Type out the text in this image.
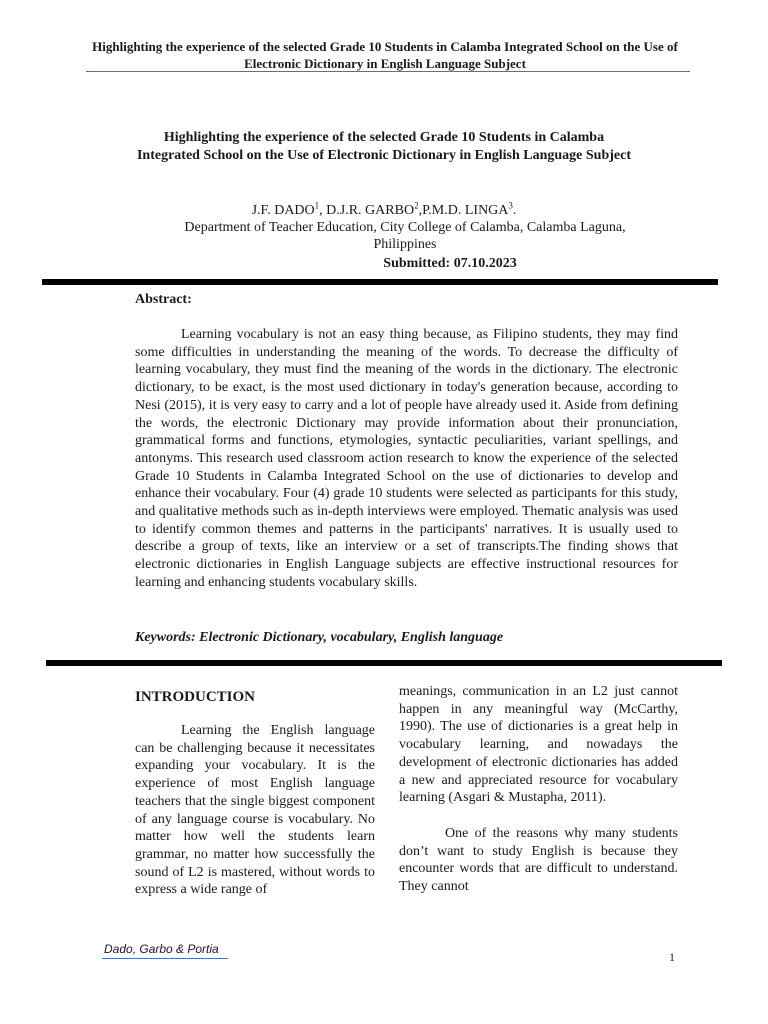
Highlighting the experience of the selected Grade 10 Students in Calamba Integrated School on the Use of
Electronic Dictionary in English Language Subject
Highlighting the experience of the selected Grade 10 Students in Calamba
Integrated School on the Use of Electronic Dictionary in English Language Subject
J.F. DADO$^1$, D.J.R. GARBO$^2$,P.M.D. LINGA$^3$.
Department of Teacher Education, City College of Calamba, Calamba Laguna,
Philippines
Submitted: 07.10.2023
Abstract:

Learning vocabulary is not an easy thing because, as Filipino students, they may find some difficulties in understanding the meaning of the words. To decrease the difficulty of learning vocabulary, they must find the meaning of the words in the dictionary. The electronic dictionary, to be exact, is the most used dictionary in today's generation because, according to Nesi (2015), it is very easy to carry and a lot of people have already used it. Aside from defining the words, the electronic Dictionary may provide information about their pronunciation, grammatical forms and functions, etymologies, syntactic peculiarities, variant spellings, and antonyms. This research used classroom action research to know the experience of the selected Grade 10 Students in Calamba Integrated School on the use of dictionaries to develop and enhance their vocabulary. Four (4) grade 10 students were selected as participants for this study, and qualitative methods such as in-depth interviews were employed. Thematic analysis was used to identify common themes and patterns in the participants' narratives. It is usually used to describe a group of texts, like an interview or a set of transcripts.The finding shows that electronic dictionaries in English Language subjects are effective instructional resources for learning and enhancing students vocabulary skills.

Keywords: Electronic Dictionary, vocabulary, English language
INTRODUCTION

Learning the English language can be challenging because it necessitates expanding your vocabulary. It is the experience of most English language teachers that the single biggest component of any language course is vocabulary. No matter how well the students learn grammar, no matter how successfully the sound of L2 is mastered, without words to express a wide range of

meanings, communication in an L2 just cannot happen in any meaningful way (McCarthy, 1990). The use of dictionaries is a great help in vocabulary learning, and nowadays the development of electronic dictionaries has added a new and appreciated resource for vocabulary learning (Asgari & Mustapha, 2011).

One of the reasons why many students don’t want to study English is because they encounter words that are difficult to understand. They cannot

Dado, Garbo & Portia
1
